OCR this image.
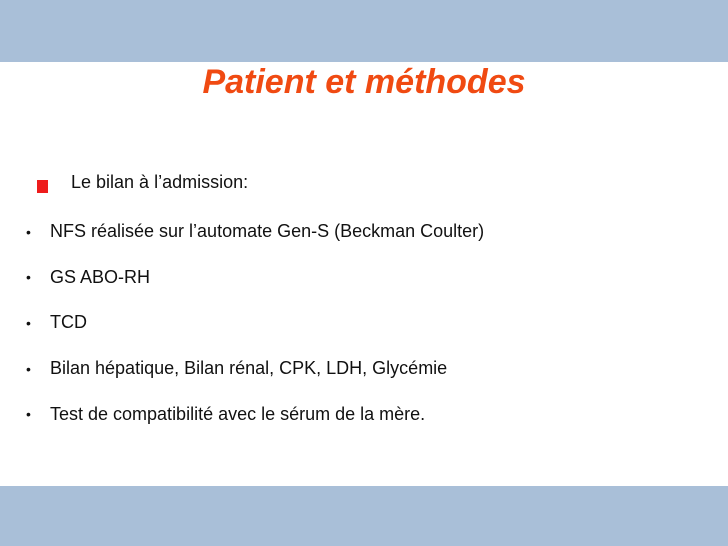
Patient et méthodes
Le bilan à l’admission:
•	NFS réalisée sur l’automate Gen-S (Beckman Coulter)
•	GS ABO-RH
•	TCD
•	Bilan hépatique, Bilan rénal, CPK, LDH, Glycémie
•	Test de compatibilité avec le sérum de la mère.
